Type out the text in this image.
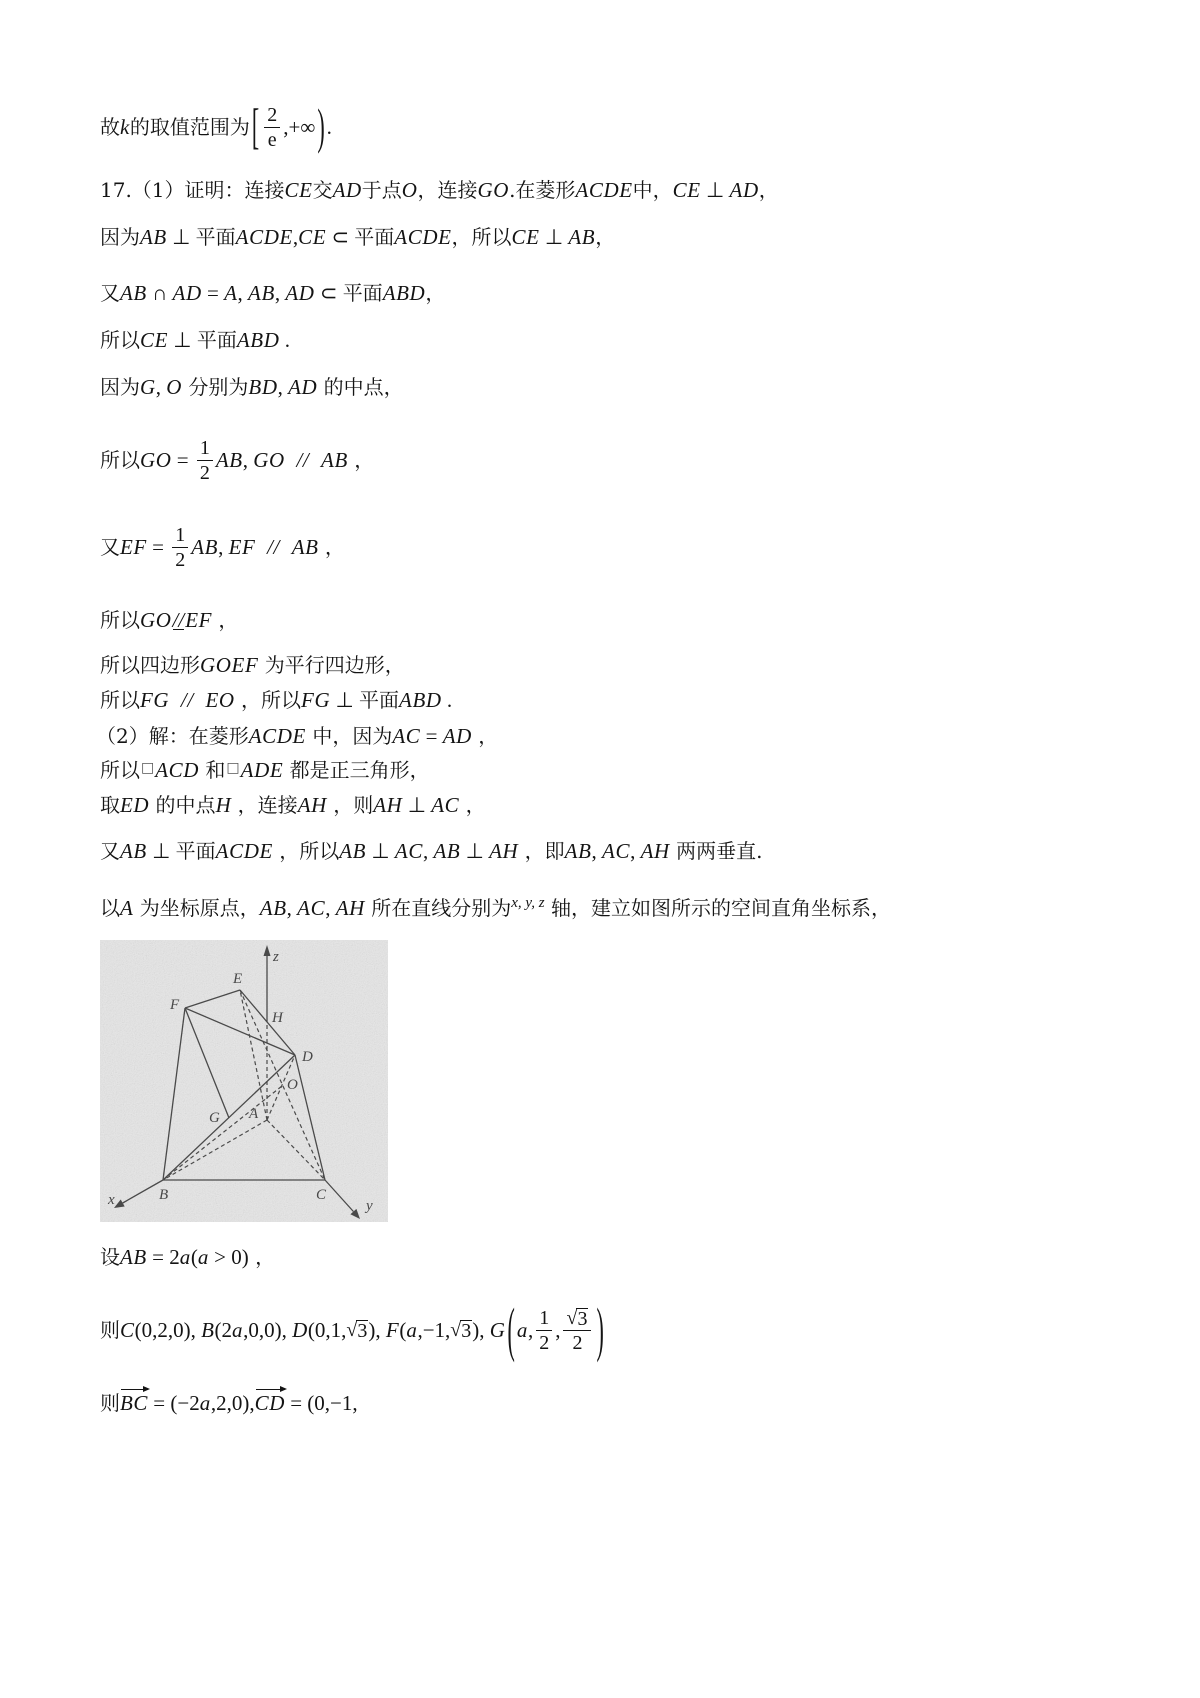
故 k 的取值范围为 [ $\frac{2}{e}$ ,+∞ ) .
17.（1）证明：连接 CE 交 AD 于点 O ，连接 GO .在菱形 ACDE 中， CE ⊥ AD ，
因为 AB ⊥ 平面 ACDE , CE ⊂ 平面 ACDE ，所以 CE ⊥ AB ，
又 AB ∩ AD = A , AB , AD ⊂ 平面 ABD ，
所以 CE ⊥ 平面 ABD .
因为 G , O 分别为 BD , AD 的中点，
所以 GO = $\frac{1}{2}$ AB , GO // AB ，
又 EF = $\frac{1}{2}$ AB , EF // AB ，
所以 GO // EF ，
所以四边形 GOEF 为平行四边形，
所以 FG // EO ，所以 FG ⊥ 平面 ABD .
（2）解：在菱形 ACDE 中，因为 AC = AD ，
所以 □ ACD 和 □ ADE 都是正三角形，
取 ED 的中点 H ，连接 AH ，则 AH ⊥ AC ，
又 AB ⊥ 平面 ACDE ，所以 AB ⊥ AC , AB ⊥ AH ，即 AB , AC , AH 两两垂直.
以 A 为坐标原点， AB , AC , AH 所在直线分别为 x, y, z 轴，建立如图所示的空间直角坐标系，
E
F
H
D
O
G A
B	C
x	y
z
设 AB = 2 a ( a > 0) ，
则 C (0,2,0), B (2 a ,0,0), D (0,1, √ 3 ), F ( a ,−1, √ 3 ), G ( a , $\frac{1}{2}$ , $\frac{√ 3}{2}$ )
则 BC = (−2 a ,2,0), CD = (0,−1,
